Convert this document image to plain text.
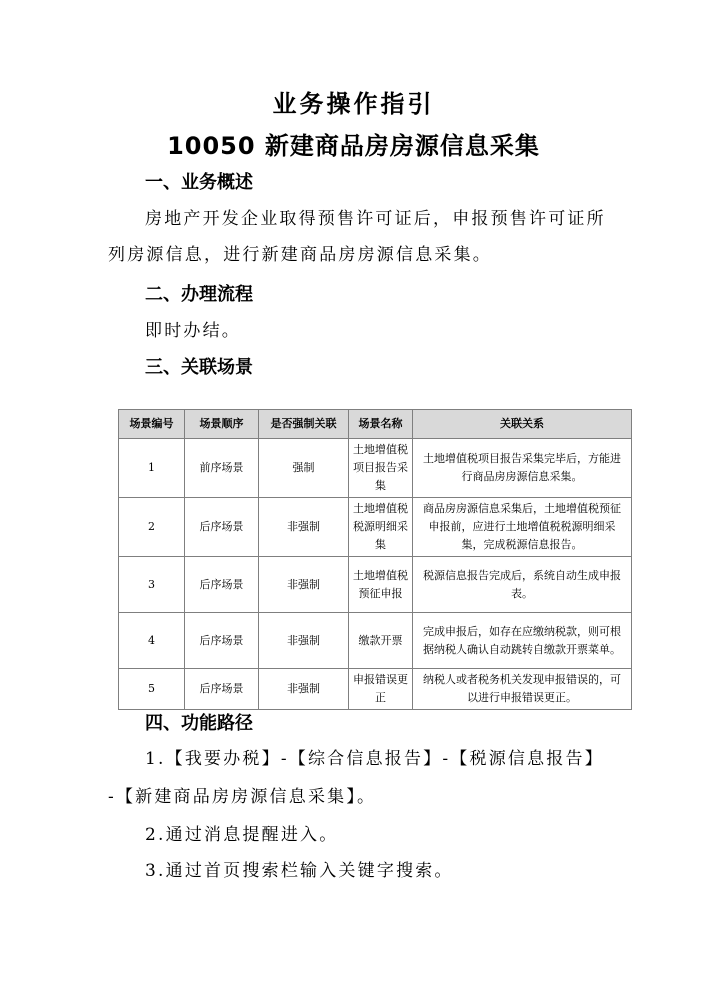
业务操作指引
10050 新建商品房房源信息采集
一、业务概述
房地产开发企业取得预售许可证后，申报预售许可证所
列房源信息，进行新建商品房房源信息采集。
二、办理流程
即时办结。
三、关联场景
场景编号	场景顺序	是否强制关联	场景名称	关联关系
1	前序场景	强制	土地增值税项目报告采集	土地增值税项目报告采集完毕后，方能进行商品房房源信息采集。
2	后序场景	非强制	土地增值税税源明细采集	商品房房源信息采集后，土地增值税预征申报前，应进行土地增值税税源明细采集，完成税源信息报告。
3	后序场景	非强制	土地增值税预征申报	税源信息报告完成后，系统自动生成申报表。
4	后序场景	非强制	缴款开票	完成申报后，如存在应缴纳税款，则可根据纳税人确认自动跳转自缴款开票菜单。
5	后序场景	非强制	申报错误更正	纳税人或者税务机关发现申报错误的，可以进行申报错误更正。
四、功能路径
1.【我要办税】-【综合信息报告】-【税源信息报告】
-【新建商品房房源信息采集】。
2.通过消息提醒进入。
3.通过首页搜索栏输入关键字搜索。
